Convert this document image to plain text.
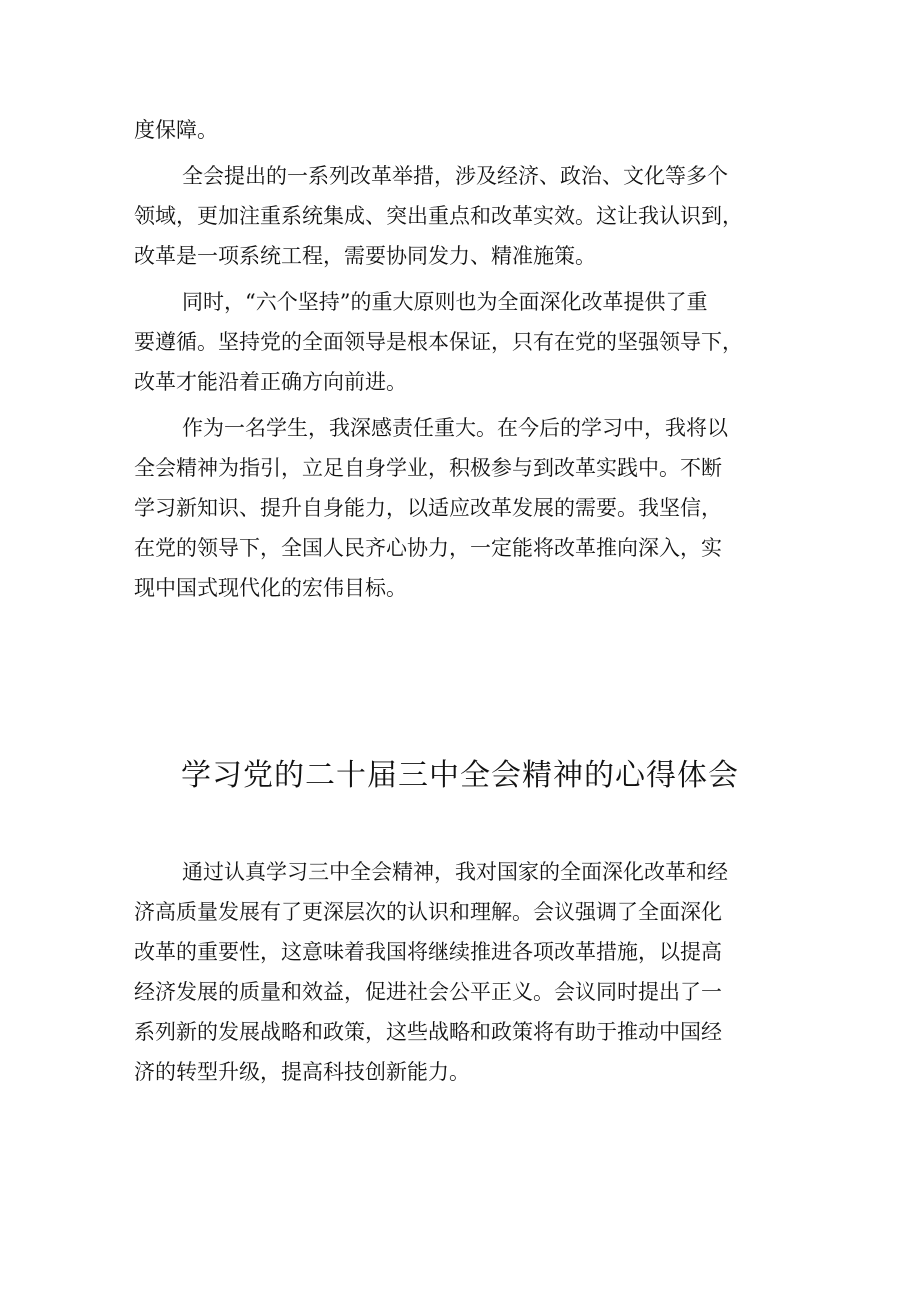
度保障。

全会提出的一系列改革举措，涉及经济、政治、文化等多个
领域，更加注重系统集成、突出重点和改革实效。这让我认识到，
改革是一项系统工程，需要协同发力、精准施策。

同时，“六个坚持”的重大原则也为全面深化改革提供了重
要遵循。坚持党的全面领导是根本保证，只有在党的坚强领导下，
改革才能沿着正确方向前进。

作为一名学生，我深感责任重大。在今后的学习中，我将以
全会精神为指引，立足自身学业，积极参与到改革实践中。不断
学习新知识、提升自身能力，以适应改革发展的需要。我坚信，
在党的领导下，全国人民齐心协力，一定能将改革推向深入，实
现中国式现代化的宏伟目标。

学习党的二十届三中全会精神的心得体会

通过认真学习三中全会精神，我对国家的全面深化改革和经
济高质量发展有了更深层次的认识和理解。会议强调了全面深化
改革的重要性，这意味着我国将继续推进各项改革措施，以提高
经济发展的质量和效益，促进社会公平正义。会议同时提出了一
系列新的发展战略和政策，这些战略和政策将有助于推动中国经
济的转型升级，提高科技创新能力。
